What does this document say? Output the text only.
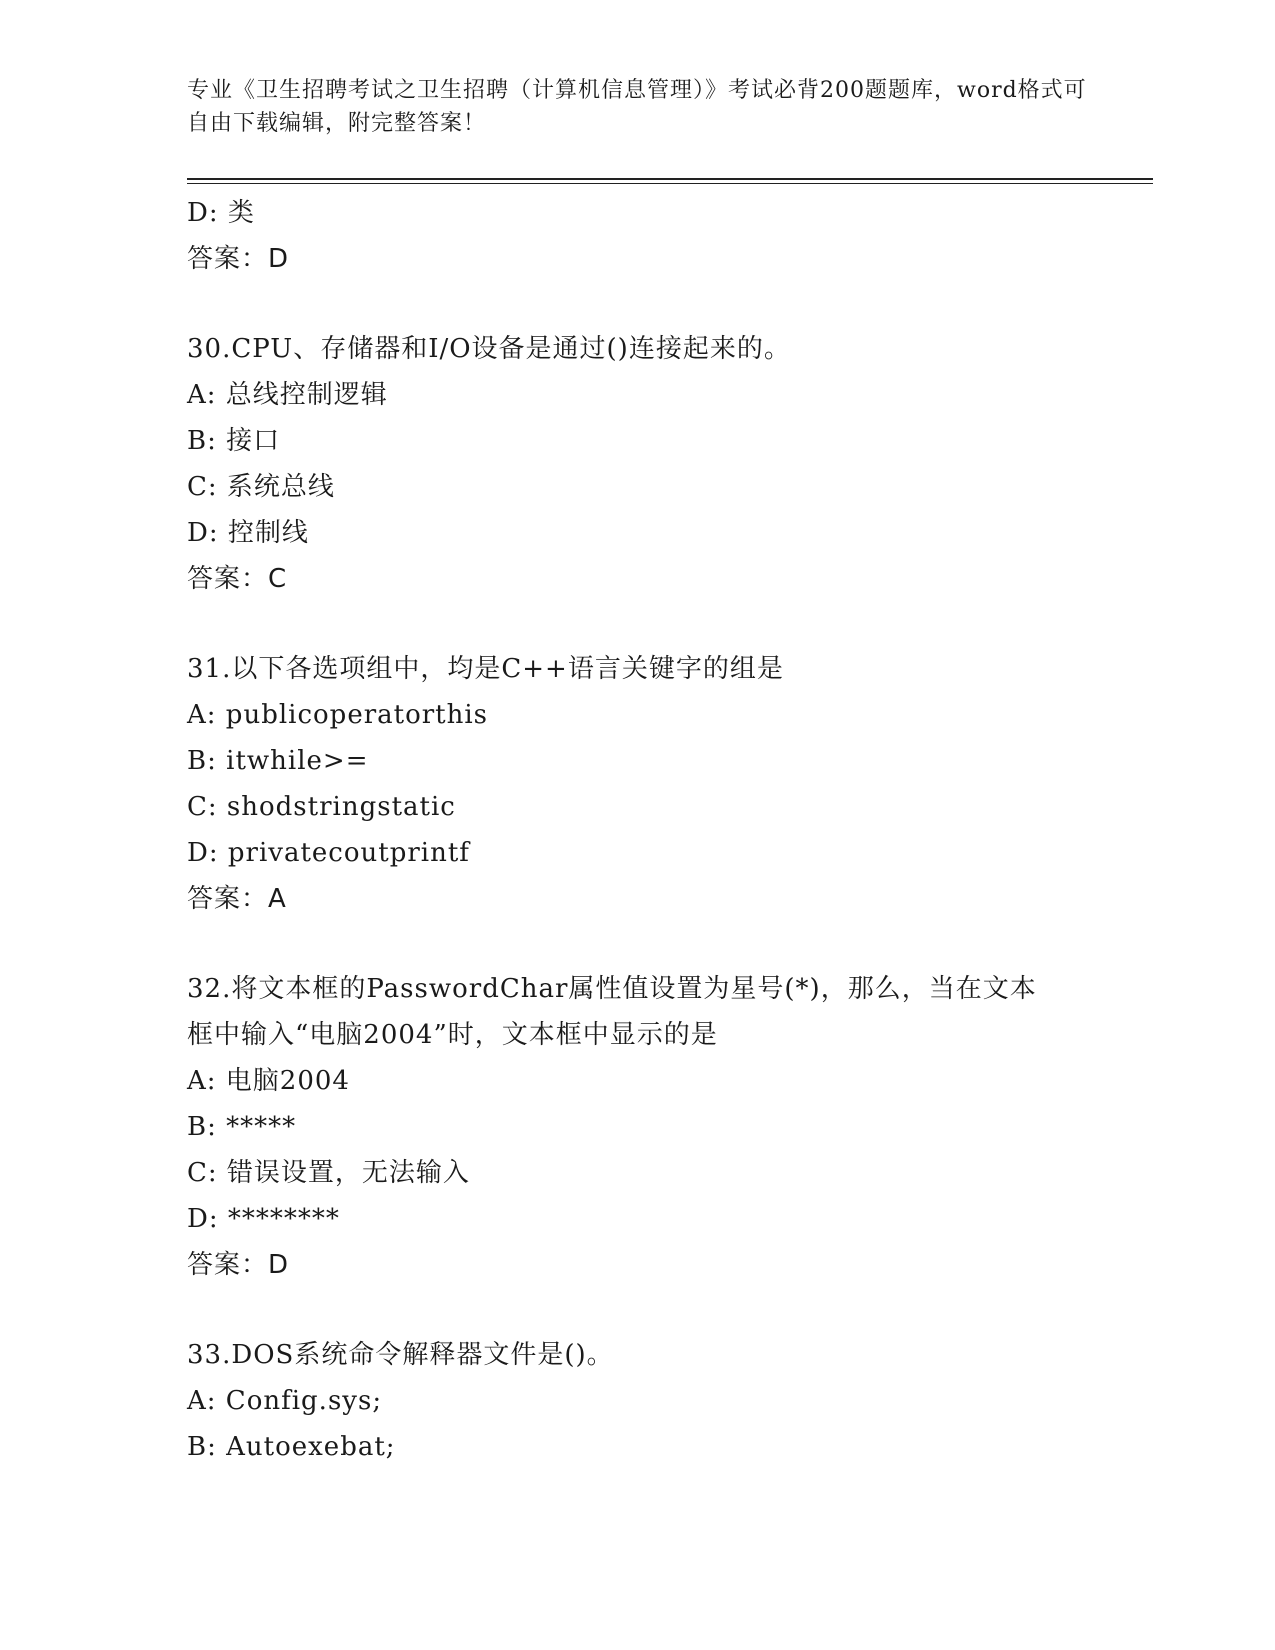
专业《卫生招聘考试之卫生招聘（计算机信息管理）》考试必背200题题库，word格式可自由下载编辑，附完整答案！
D: 类
答案：D
30.CPU、存储器和I/O设备是通过()连接起来的。
A: 总线控制逻辑
B: 接口
C: 系统总线
D: 控制线
答案：C
31.以下各选项组中，均是C++语言关键字的组是
A: publicoperatorthis
B: itwhile>=
C: shodstringstatic
D: privatecoutprintf
答案：A
32.将文本框的PasswordChar属性值设置为星号(*)，那么，当在文本框中输入“电脑2004”时，文本框中显示的是
A: 电脑2004
B: *****
C: 错误设置，无法输入
D: ********
答案：D
33.DOS系统命令解释器文件是()。
A: Config.sys;
B: Autoexebat;
